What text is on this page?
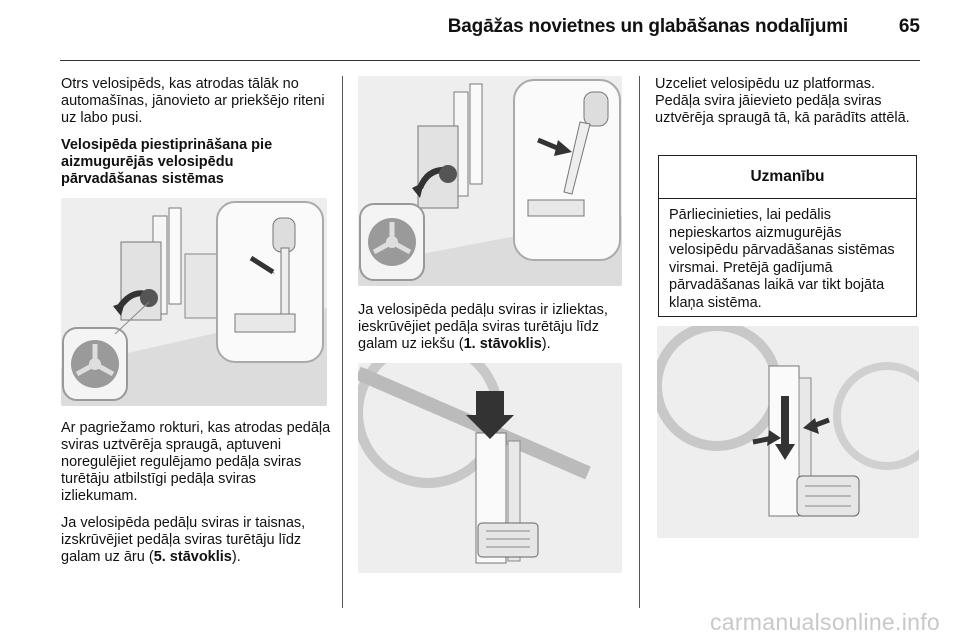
Bagāžas novietnes un glabāšanas nodalījumi	65

Otrs velosipēds, kas atrodas tālāk no automašīnas, jānovieto ar priekšējo riteni uz labo pusi.

Velosipēda piestiprināšana pie aizmugurējās velosipēdu pārvadāšanas sistēmas

Ar pagriežamo rokturi, kas atrodas pedāļa sviras uztvērēja spraugā, aptuveni noregulējiet regulējamo pedāļa sviras turētāju atbilstīgi pedāļa sviras izliekumam.

Ja velosipēda pedāļu sviras ir taisnas, izskrūvējiet pedāļa sviras turētāju līdz galam uz āru (5. stāvoklis).

Ja velosipēda pedāļu sviras ir izliektas, ieskrūvējiet pedāļa sviras turētāju līdz galam uz iekšu (1. stāvoklis).

Uzceliet velosipēdu uz platformas. Pedāļa svira jāievieto pedāļa sviras uztvērēja spraugā tā, kā parādīts attēlā.

Uzmanību
Pārliecinieties, lai pedālis nepieskartos aizmugurējās velosipēdu pārvadāšanas sistēmas virsmai. Pretējā gadījumā pārvadāšanas laikā var tikt bojāta klaņa sistēma.
carmanualsonline.info
